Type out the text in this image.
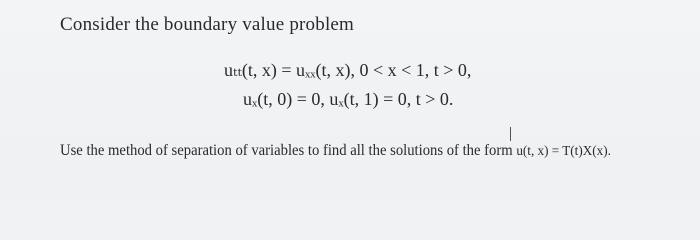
Consider the boundary value problem
uₜₜ(t, x) = uₓₓ(t, x), 0 < x < 1, t > 0,
uₓ(t, 0) = 0, uₓ(t, 1) = 0, t > 0.
Use the method of separation of variables to find all the solutions of the form u(t, x) = T(t)X(x).
